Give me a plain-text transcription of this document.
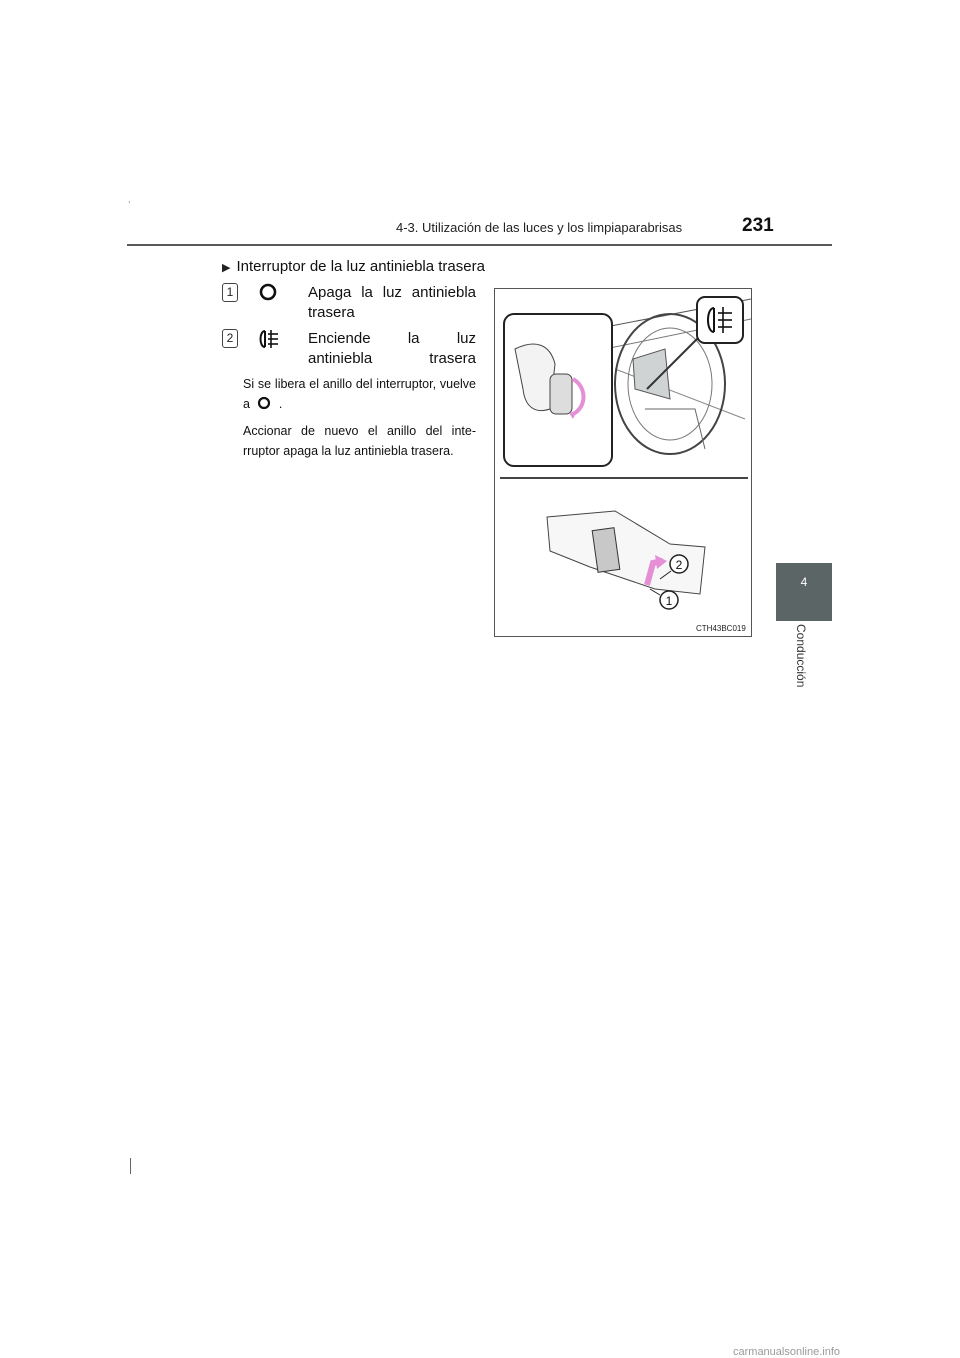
4-3. Utilización de las luces y los limpiaparabrisas	231
4
Conducción
,
▶ Interruptor de la luz antiniebla trasera
1	Apaga la luz antiniebla trasera
2	Enciende la luz antiniebla trasera
Si se libera el anillo del interruptor, vuelve a .
Accionar de nuevo el anillo del inte-rruptor apaga la luz antiniebla trasera.
2
1
CTH43BC019
carmanualsonline.info
